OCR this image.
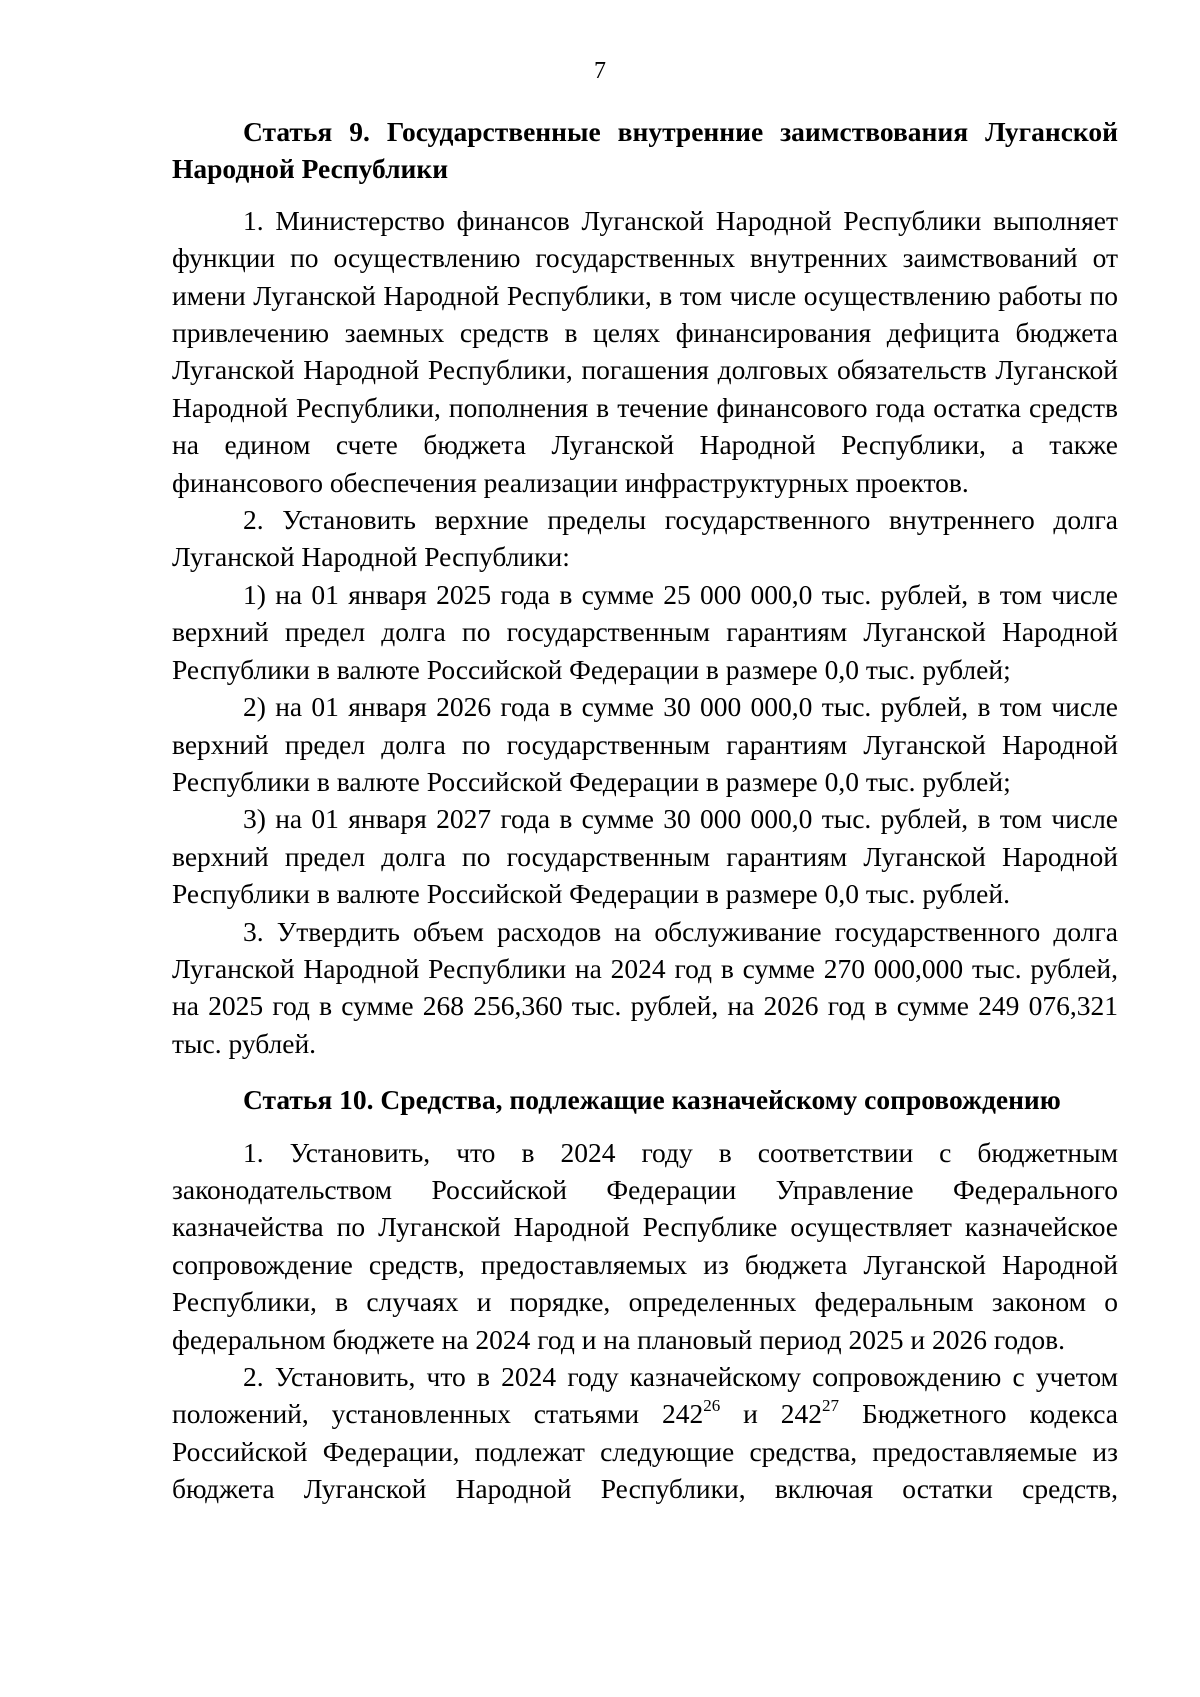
7
Статья 9. Государственные внутренние заимствования Луганской Народной Республики

1. Министерство финансов Луганской Народной Республики выполняет функции по осуществлению государственных внутренних заимствований от имени Луганской Народной Республики, в том числе осуществлению работы по привлечению заемных средств в целях финансирования дефицита бюджета Луганской Народной Республики, погашения долговых обязательств Луганской Народной Республики, пополнения в течение финансового года остатка средств на едином счете бюджета Луганской Народной Республики, а также финансового обеспечения реализации инфраструктурных проектов.

2. Установить верхние пределы государственного внутреннего долга Луганской Народной Республики:

1) на 01 января 2025 года в сумме 25 000 000,0 тыс. рублей, в том числе верхний предел долга по государственным гарантиям Луганской Народной Республики в валюте Российской Федерации в размере 0,0 тыс. рублей;

2) на 01 января 2026 года в сумме 30 000 000,0 тыс. рублей, в том числе верхний предел долга по государственным гарантиям Луганской Народной Республики в валюте Российской Федерации в размере 0,0 тыс. рублей;

3) на 01 января 2027 года в сумме 30 000 000,0 тыс. рублей, в том числе верхний предел долга по государственным гарантиям Луганской Народной Республики в валюте Российской Федерации в размере 0,0 тыс. рублей.

3. Утвердить объем расходов на обслуживание государственного долга Луганской Народной Республики на 2024 год в сумме 270 000,000 тыс. рублей, на 2025 год в сумме 268 256,360 тыс. рублей, на 2026 год в сумме 249 076,321 тыс. рублей.

Статья 10. Средства, подлежащие казначейскому сопровождению

1. Установить, что в 2024 году в соответствии с бюджетным законодательством Российской Федерации Управление Федерального казначейства по Луганской Народной Республике осуществляет казначейское сопровождение средств, предоставляемых из бюджета Луганской Народной Республики, в случаях и порядке, определенных федеральным законом о федеральном бюджете на 2024 год и на плановый период 2025 и 2026 годов.

2. Установить, что в 2024 году казначейскому сопровождению с учетом положений, установленных статьями $242^{26}$ и $242^{27}$ Бюджетного кодекса Российской Федерации, подлежат следующие средства, предоставляемые из бюджета Луганской Народной Республики, включая остатки средств,
